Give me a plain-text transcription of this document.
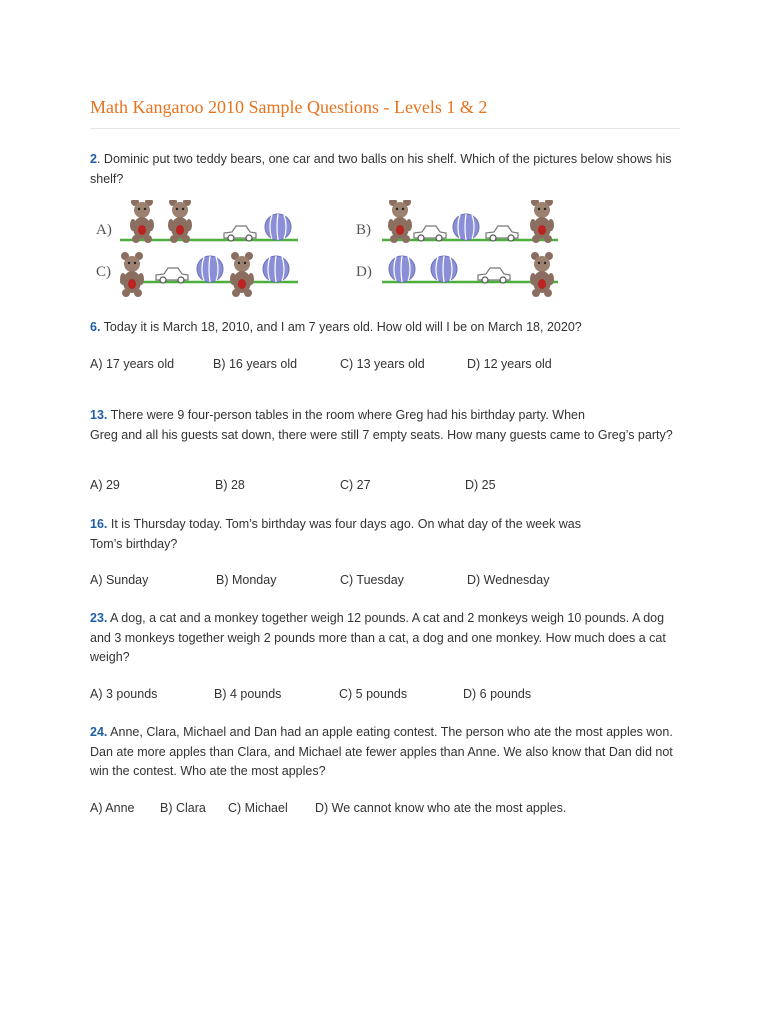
Math Kangaroo 2010 Sample Questions - Levels 1 & 2
2. Dominic put two teddy bears, one car and two balls on his shelf. Which of the pictures below shows his shelf?
A)	B)
C)	D)
6. Today it is March 18, 2010, and I am 7 years old. How old will I be on March 18, 2020?
A) 17 years old	B) 16 years old	C) 13 years old	D) 12 years old
13. There were 9 four-person tables in the room where Greg had his birthday party. When
Greg and all his guests sat down, there were still 7 empty seats. How many guests came to Greg’s party?
A) 29	B) 28	C) 27	D) 25
16. It is Thursday today. Tom’s birthday was four days ago. On what day of the week was
Tom’s birthday?
A) Sunday	B) Monday	C) Tuesday	D) Wednesday
23. A dog, a cat and a monkey together weigh 12 pounds. A cat and 2 monkeys weigh 10 pounds. A dog and 3 monkeys together weigh 2 pounds more than a cat, a dog and one monkey. How much does a cat weigh?
A) 3 pounds	B) 4 pounds	C) 5 pounds	D) 6 pounds
24. Anne, Clara, Michael and Dan had an apple eating contest. The person who ate the most apples won. Dan ate more apples than Clara, and Michael ate fewer apples than Anne. We also know that Dan did not win the contest. Who ate the most apples?
A) Anne B) Clara C) Michael D) We cannot know who ate the most apples.
